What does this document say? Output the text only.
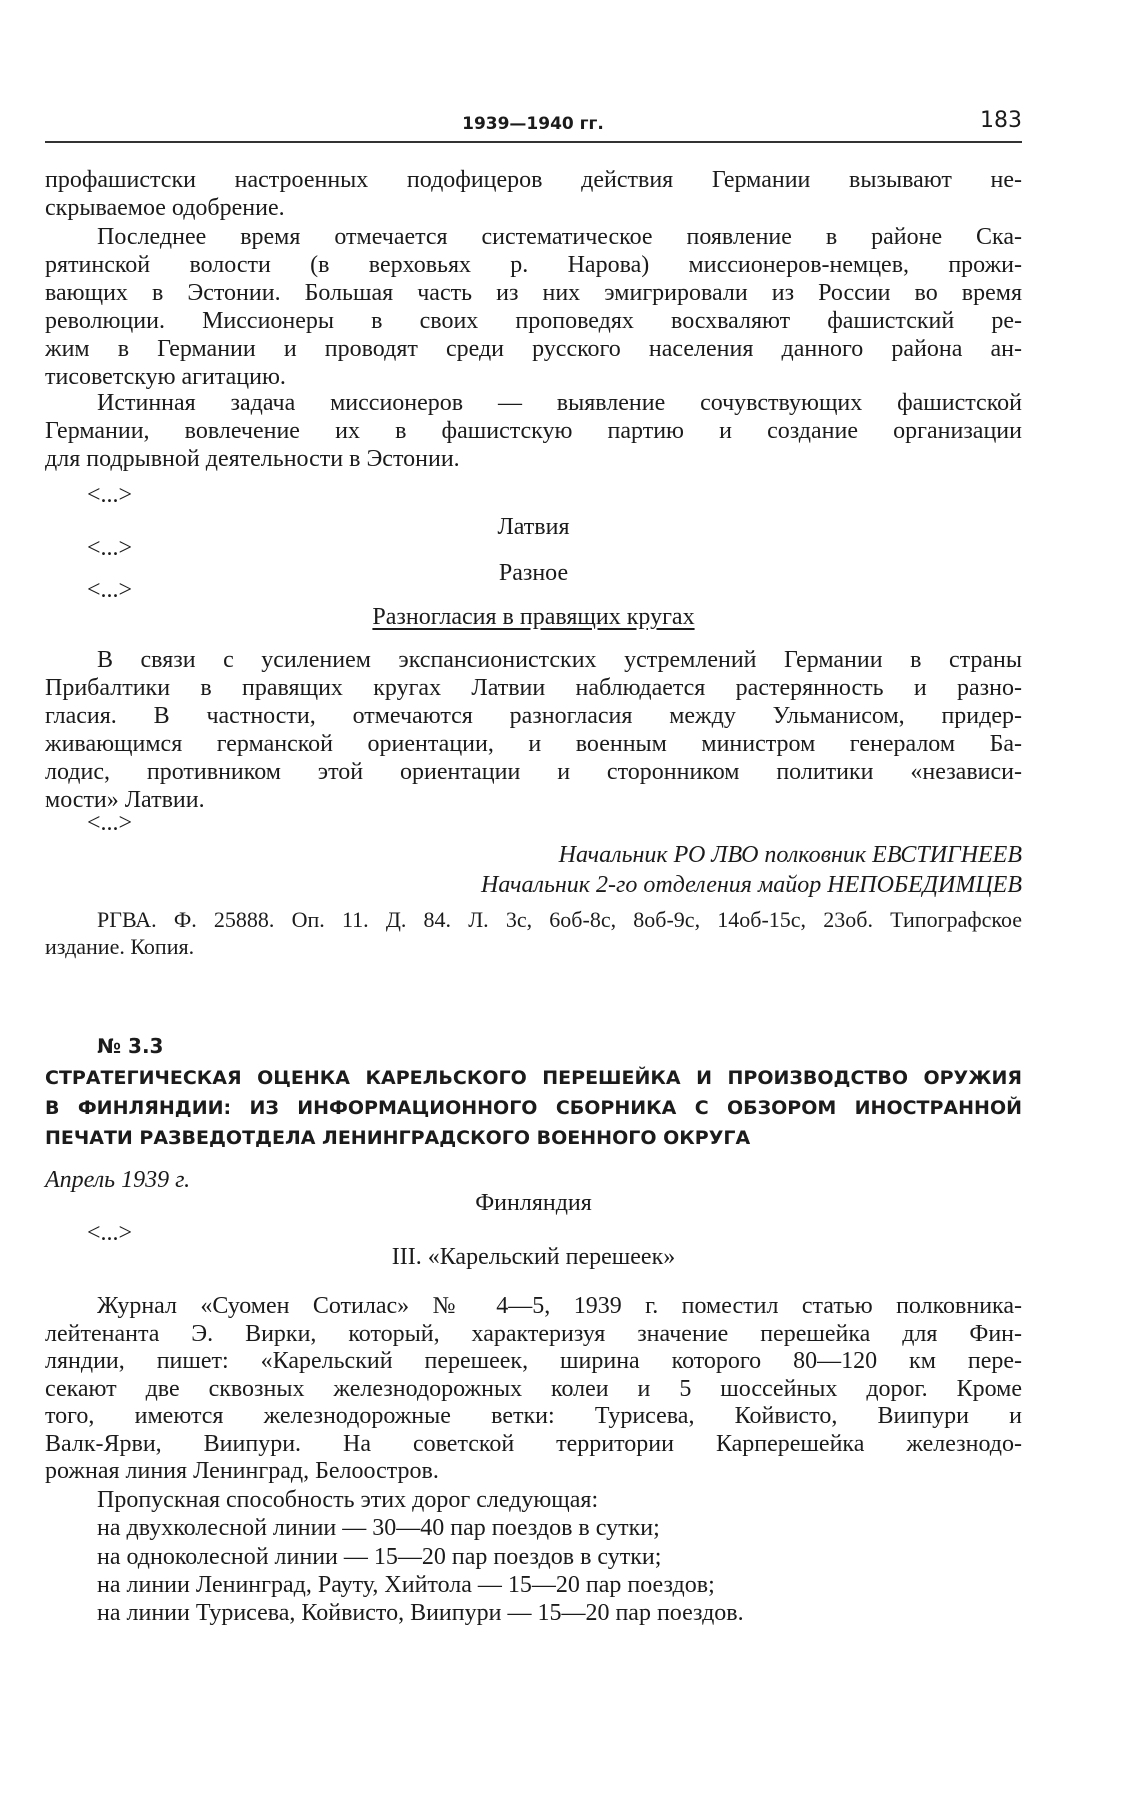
1939—1940 гг.	183
профашистски настроенных подофицеров действия Германии вызывают не-
скрываемое одобрение.
Последнее время отмечается систематическое появление в районе Ска-
рятинской волости (в верховьях р. Нарова) миссионеров-немцев, прожи-
вающих в Эстонии. Большая часть из них эмигрировали из России во время
революции. Миссионеры в своих проповедях восхваляют фашистский ре-
жим в Германии и проводят среди русского населения данного района ан-
тисоветскую агитацию.
Истинная задача миссионеров — выявление сочувствующих фашистской
Германии, вовлечение их в фашистскую партию и создание организации
для подрывной деятельности в Эстонии.
<...>
Латвия
<...>
Разное
<...>
Разногласия в правящих кругах
В связи с усилением экспансионистских устремлений Германии в страны
Прибалтики в правящих кругах Латвии наблюдается растерянность и разно-
гласия. В частности, отмечаются разногласия между Ульманисом, придер-
живающимся германской ориентации, и военным министром генералом Ба-
лодис, противником этой ориентации и сторонником политики «независи-
мости» Латвии.
<...>
Начальник РО ЛВО полковник ЕВСТИГНЕЕВ
Начальник 2-го отделения майор НЕПОБЕДИМЦЕВ
РГВА. Ф. 25888. Оп. 11. Д. 84. Л. 3с, 6об-8с, 8об-9с, 14об-15с, 23об. Типографское
издание. Копия.
№ 3.3
СТРАТЕГИЧЕСКАЯ ОЦЕНКА КАРЕЛЬСКОГО ПЕРЕШЕЙКА И ПРОИЗВОДСТВО ОРУЖИЯ
В ФИНЛЯНДИИ: ИЗ ИНФОРМАЦИОННОГО СБОРНИКА С ОБЗОРОМ ИНОСТРАННОЙ
ПЕЧАТИ РАЗВЕДОТДЕЛА ЛЕНИНГРАДСКОГО ВОЕННОГО ОКРУГА
Апрель 1939 г.
Финляндия
<...>
III. «Карельский перешеек»
Журнал «Суомен Сотилас» № 4—5, 1939 г. поместил статью полковника-
лейтенанта Э. Вирки, который, характеризуя значение перешейка для Фин-
ляндии, пишет: «Карельский перешеек, ширина которого 80—120 км пере-
секают две сквозных железнодорожных колеи и 5 шоссейных дорог. Кроме
того, имеются железнодорожные ветки: Турисева, Койвисто, Виипури и
Валк-Ярви, Виипури. На советской территории Карперешейка железнодо-
рожная линия Ленинград, Белоостров.
Пропускная способность этих дорог следующая:
на двухколесной линии — 30—40 пар поездов в сутки;
на одноколесной линии — 15—20 пар поездов в сутки;
на линии Ленинград, Рауту, Хийтола — 15—20 пар поездов;
на линии Турисева, Койвисто, Виипури — 15—20 пар поездов.
